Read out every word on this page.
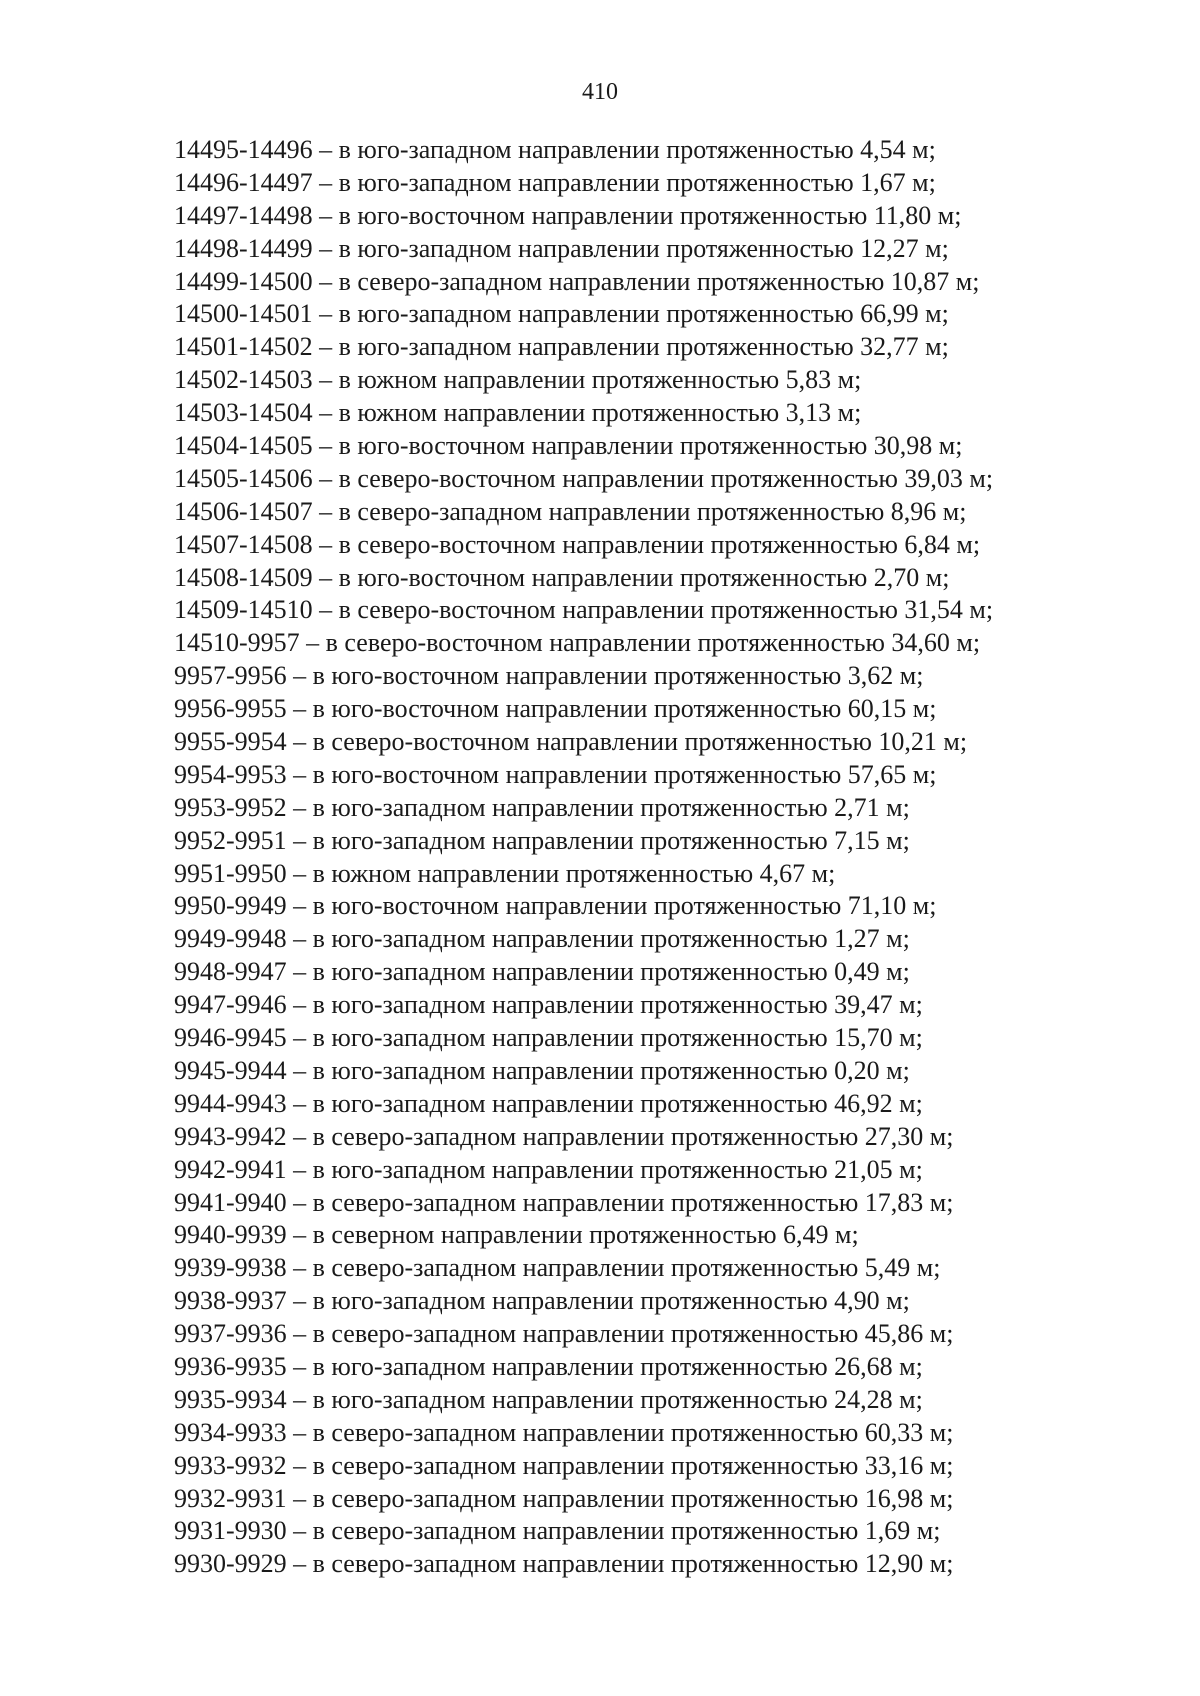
410
14495-14496 – в юго-западном направлении протяженностью 4,54 м;
14496-14497 – в юго-западном направлении протяженностью 1,67 м;
14497-14498 – в юго-восточном направлении протяженностью 11,80 м;
14498-14499 – в юго-западном направлении протяженностью 12,27 м;
14499-14500 – в северо-западном направлении протяженностью 10,87 м;
14500-14501 – в юго-западном направлении протяженностью 66,99 м;
14501-14502 – в юго-западном направлении протяженностью 32,77 м;
14502-14503 – в южном направлении протяженностью 5,83 м;
14503-14504 – в южном направлении протяженностью 3,13 м;
14504-14505 – в юго-восточном направлении протяженностью 30,98 м;
14505-14506 – в северо-восточном направлении протяженностью 39,03 м;
14506-14507 – в северо-западном направлении протяженностью 8,96 м;
14507-14508 – в северо-восточном направлении протяженностью 6,84 м;
14508-14509 – в юго-восточном направлении протяженностью 2,70 м;
14509-14510 – в северо-восточном направлении протяженностью 31,54 м;
14510-9957 – в северо-восточном направлении протяженностью 34,60 м;
9957-9956 – в юго-восточном направлении протяженностью 3,62 м;
9956-9955 – в юго-восточном направлении протяженностью 60,15 м;
9955-9954 – в северо-восточном направлении протяженностью 10,21 м;
9954-9953 – в юго-восточном направлении протяженностью 57,65 м;
9953-9952 – в юго-западном направлении протяженностью 2,71 м;
9952-9951 – в юго-западном направлении протяженностью 7,15 м;
9951-9950 – в южном направлении протяженностью 4,67 м;
9950-9949 – в юго-восточном направлении протяженностью 71,10 м;
9949-9948 – в юго-западном направлении протяженностью 1,27 м;
9948-9947 – в юго-западном направлении протяженностью 0,49 м;
9947-9946 – в юго-западном направлении протяженностью 39,47 м;
9946-9945 – в юго-западном направлении протяженностью 15,70 м;
9945-9944 – в юго-западном направлении протяженностью 0,20 м;
9944-9943 – в юго-западном направлении протяженностью 46,92 м;
9943-9942 – в северо-западном направлении протяженностью 27,30 м;
9942-9941 – в юго-западном направлении протяженностью 21,05 м;
9941-9940 – в северо-западном направлении протяженностью 17,83 м;
9940-9939 – в северном направлении протяженностью 6,49 м;
9939-9938 – в северо-западном направлении протяженностью 5,49 м;
9938-9937 – в юго-западном направлении протяженностью 4,90 м;
9937-9936 – в северо-западном направлении протяженностью 45,86 м;
9936-9935 – в юго-западном направлении протяженностью 26,68 м;
9935-9934 – в юго-западном направлении протяженностью 24,28 м;
9934-9933 – в северо-западном направлении протяженностью 60,33 м;
9933-9932 – в северо-западном направлении протяженностью 33,16 м;
9932-9931 – в северо-западном направлении протяженностью 16,98 м;
9931-9930 – в северо-западном направлении протяженностью 1,69 м;
9930-9929 – в северо-западном направлении протяженностью 12,90 м;
